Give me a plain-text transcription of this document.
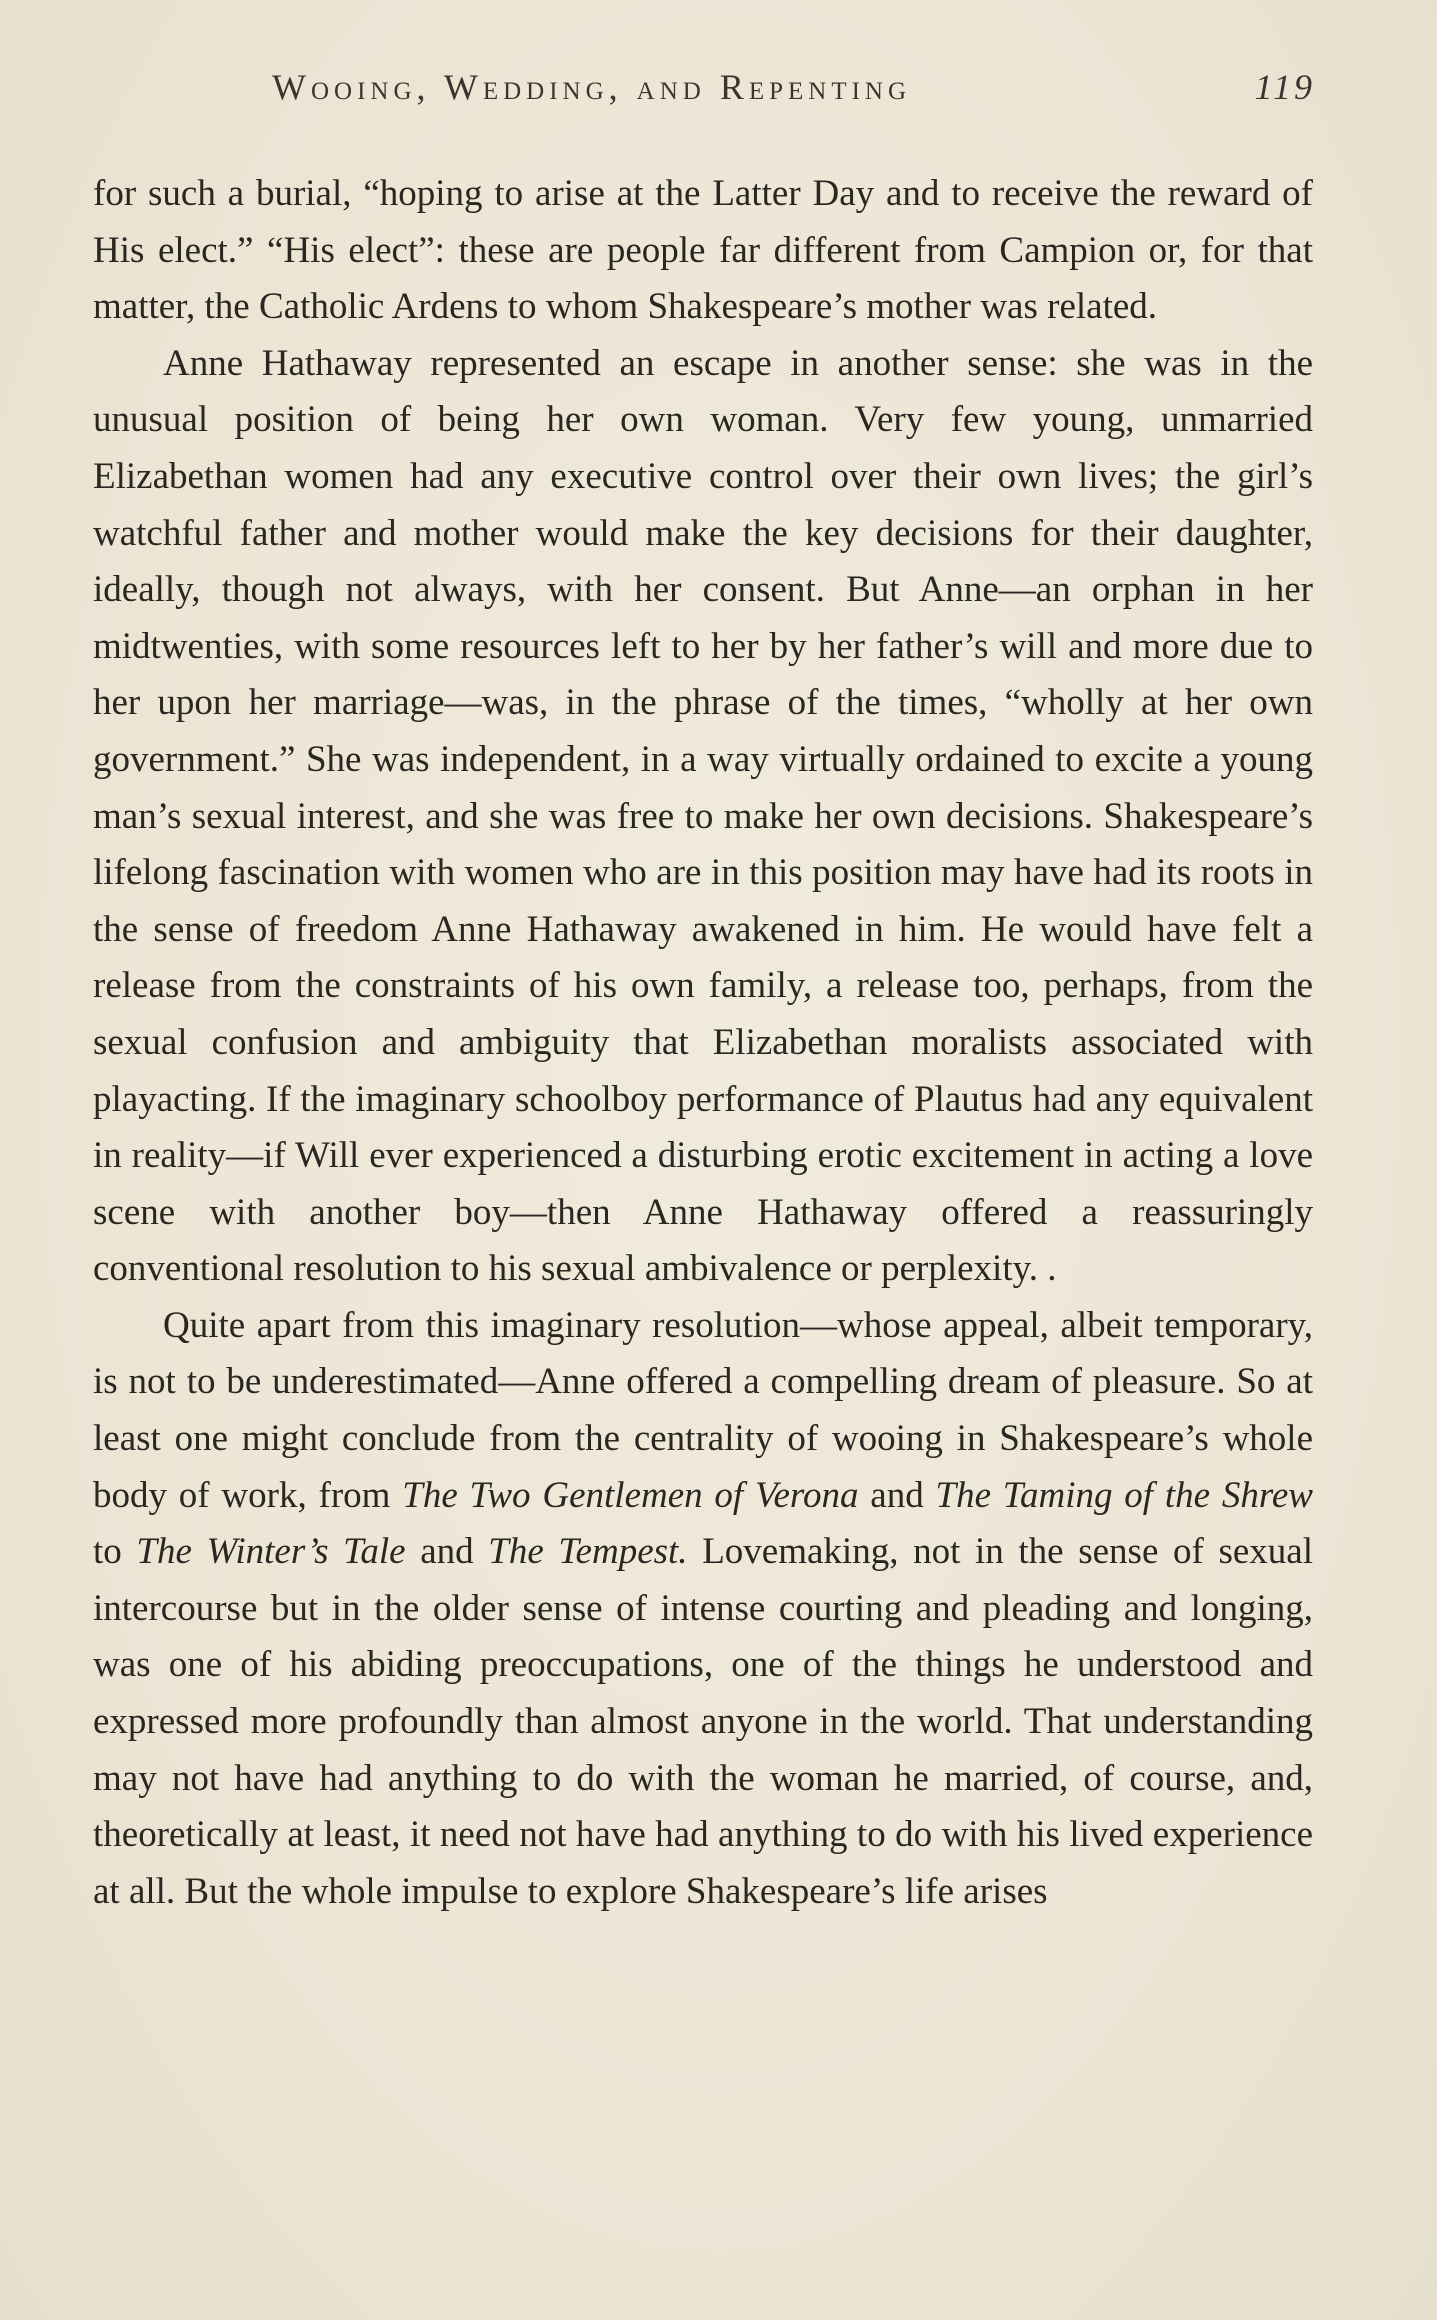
Wooing, Wedding, and Repenting	119

for such a burial, “hoping to arise at the Latter Day and to receive the reward of His elect.” “His elect”: these are people far different from Campion or, for that matter, the Catholic Ardens to whom Shakespeare’s mother was related.

Anne Hathaway represented an escape in another sense: she was in the unusual position of being her own woman. Very few young, unmarried Elizabethan women had any executive control over their own lives; the girl’s watchful father and mother would make the key decisions for their daughter, ideally, though not always, with her consent. But Anne—an orphan in her midtwenties, with some resources left to her by her father’s will and more due to her upon her marriage—was, in the phrase of the times, “wholly at her own government.” She was independent, in a way virtually ordained to excite a young man’s sexual interest, and she was free to make her own decisions. Shakespeare’s lifelong fascination with women who are in this position may have had its roots in the sense of freedom Anne Hathaway awakened in him. He would have felt a release from the constraints of his own family, a release too, perhaps, from the sexual confusion and ambiguity that Elizabethan moralists associated with playacting. If the imaginary schoolboy performance of Plautus had any equivalent in reality—if Will ever experienced a disturbing erotic excitement in acting a love scene with another boy—then Anne Hathaway offered a reassuringly conventional resolution to his sexual ambivalence or perplexity. .

Quite apart from this imaginary resolution—whose appeal, albeit temporary, is not to be underestimated—Anne offered a compelling dream of pleasure. So at least one might conclude from the centrality of wooing in Shakespeare’s whole body of work, from The Two Gentlemen of Verona and The Taming of the Shrew to The Winter’s Tale and The Tempest. Lovemaking, not in the sense of sexual intercourse but in the older sense of intense courting and pleading and longing, was one of his abiding preoccupations, one of the things he understood and expressed more profoundly than almost anyone in the world. That understanding may not have had anything to do with the woman he married, of course, and, theoretically at least, it need not have had anything to do with his lived experience at all. But the whole impulse to explore Shakespeare’s life arises
